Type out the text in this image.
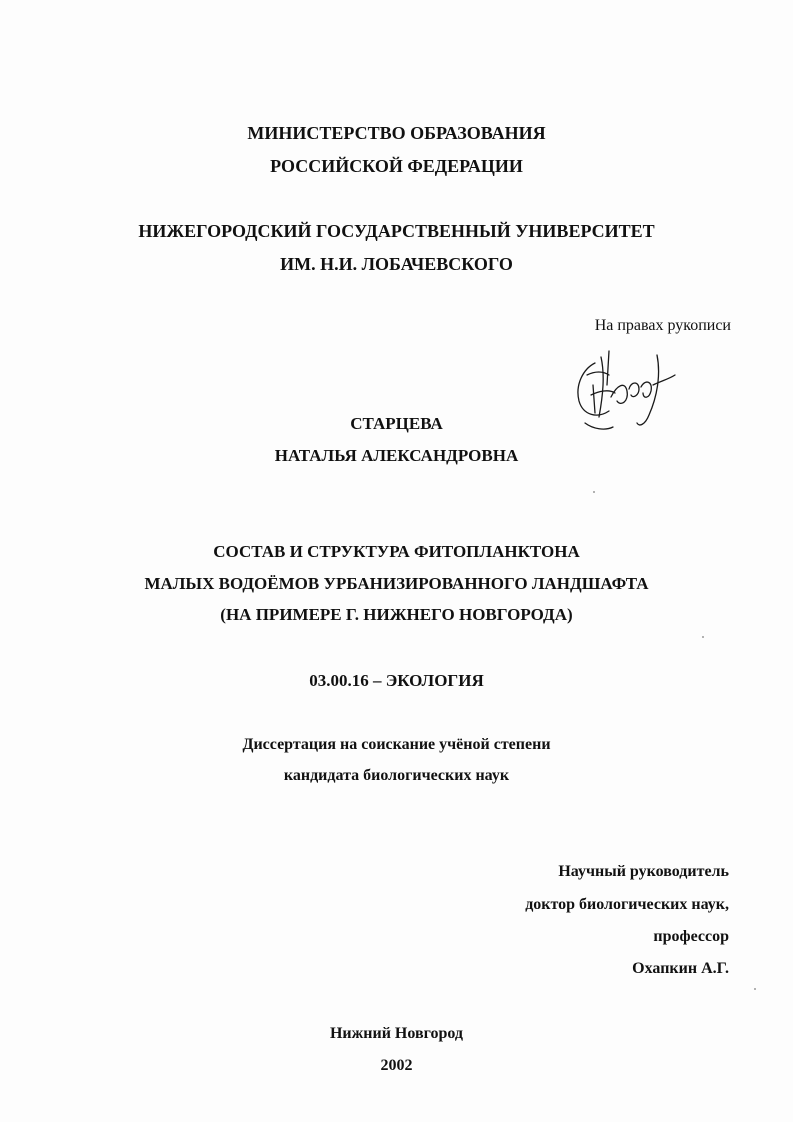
МИНИСТЕРСТВО ОБРАЗОВАНИЯ
РОССИЙСКОЙ ФЕДЕРАЦИИ
НИЖЕГОРОДСКИЙ ГОСУДАРСТВЕННЫЙ УНИВЕРСИТЕТ
ИМ. Н.И. ЛОБАЧЕВСКОГО
На правах рукописи
СТАРЦЕВА
НАТАЛЬЯ АЛЕКСАНДРОВНА
СОСТАВ И СТРУКТУРА ФИТОПЛАНКТОНА
МАЛЫХ ВОДОЁМОВ УРБАНИЗИРОВАННОГО ЛАНДШАФТА
(НА ПРИМЕРЕ Г. НИЖНЕГО НОВГОРОДА)
03.00.16 – ЭКОЛОГИЯ
Диссертация на соискание учёной степени
кандидата биологических наук
Научный руководитель
доктор биологических наук,
профессор
Охапкин А.Г.
Нижний Новгород
2002
